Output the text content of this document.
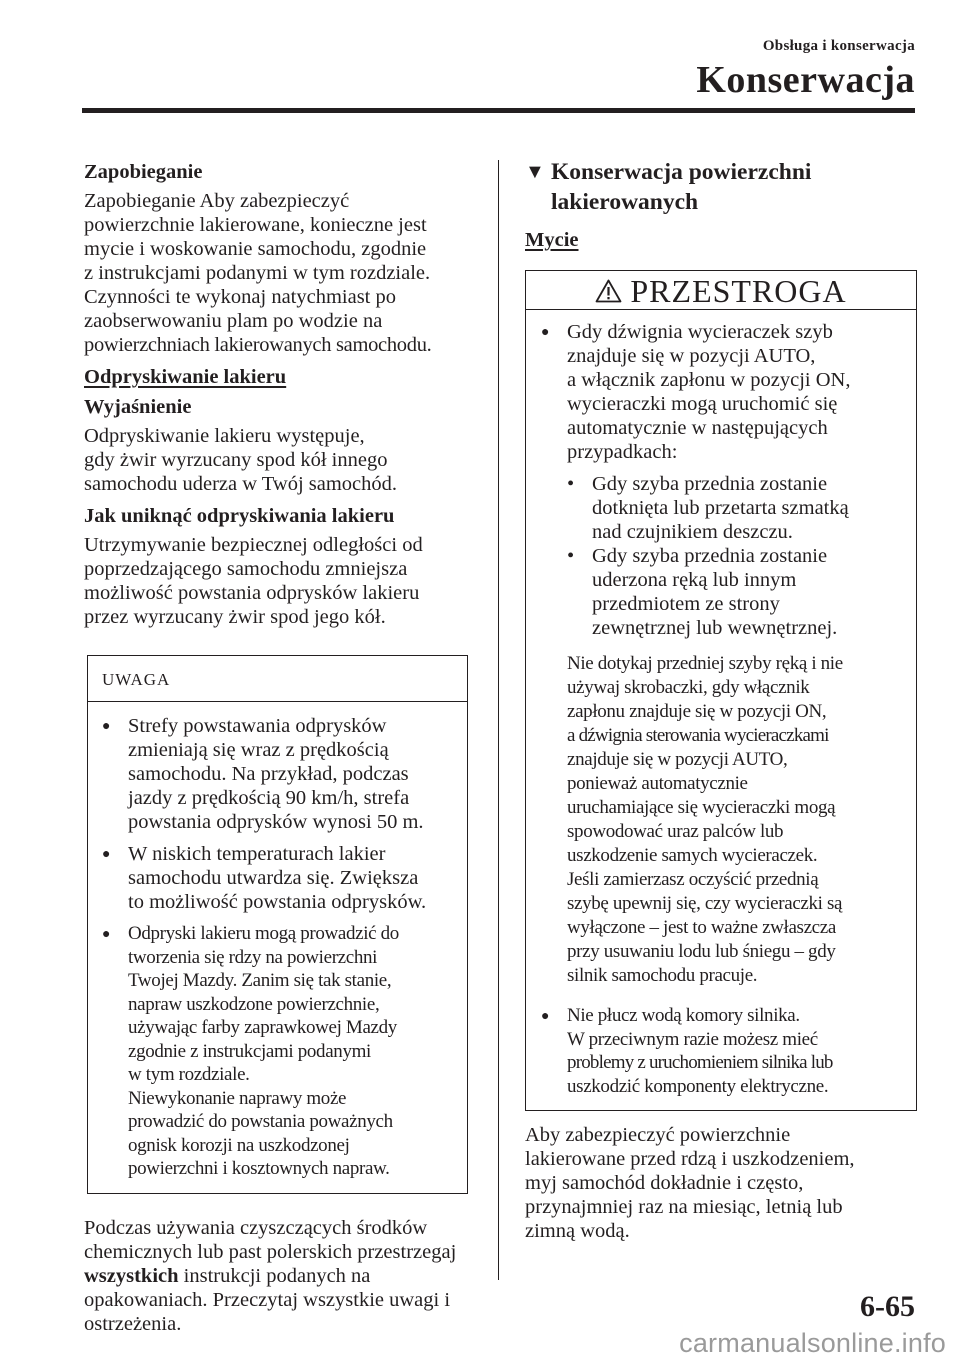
Obsługa i konserwacja
Konserwacja

Zapobieganie

Zapobieganie Aby zabezpieczyć
powierzchnie lakierowane, konieczne jest
mycie i woskowanie samochodu, zgodnie
z instrukcjami podanymi w tym rozdziale.
Czynności te wykonaj natychmiast po
zaobserwowaniu plam po wodzie na
powierzchniach lakierowanych samochodu.

Odpryskiwanie lakieru

Wyjaśnienie

Odpryskiwanie lakieru występuje,
gdy żwir wyrzucany spod kół innego
samochodu uderza w Twój samochód.

Jak uniknąć odpryskiwania lakieru

Utrzymywanie bezpiecznej odległości od
poprzedzającego samochodu zmniejsza
możliwość powstania odprysków lakieru
przez wyrzucany żwir spod jego kół.

UWAGA
● Strefy powstawania odprysków
zmieniają się wraz z prędkością
samochodu. Na przykład, podczas
jazdy z prędkością 90 km/h, strefa
powstania odprysków wynosi 50 m.
● W niskich temperaturach lakier
samochodu utwardza się. Zwiększa
to możliwość powstania odprysków.
● Odpryski lakieru mogą prowadzić do
tworzenia się rdzy na powierzchni
Twojej Mazdy. Zanim się tak stanie,
napraw uszkodzone powierzchnie,
używając farby zaprawkowej Mazdy
zgodnie z instrukcjami podanymi
w tym rozdziale.
Niewykonanie naprawy może
prowadzić do powstania poważnych
ognisk korozji na uszkodzonej
powierzchni i kosztownych napraw.

Podczas używania czyszczących środków chemicznych lub past polerskich przestrzegaj wszystkich instrukcji podanych na opakowaniach. Przeczytaj wszystkie uwagi i ostrzeżenia.

▼ Konserwacja powierzchni
lakierowanych

Mycie

PRZESTROGA
● Gdy dźwignia wycieraczek szyb
znajduje się w pozycji AUTO,
a włącznik zapłonu w pozycji ON,
wycieraczki mogą uruchomić się
automatycznie w następujących
przypadkach:
• Gdy szyba przednia zostanie
dotknięta lub przetarta szmatką
nad czujnikiem deszczu.
• Gdy szyba przednia zostanie
uderzona ręką lub innym
przedmiotem ze strony
zewnętrznej lub wewnętrznej.
Nie dotykaj przedniej szyby ręką i nie
używaj skrobaczki, gdy włącznik
zapłonu znajduje się w pozycji ON,
a dźwignia sterowania wycieraczkami
znajduje się w pozycji AUTO,
ponieważ automatycznie
uruchamiające się wycieraczki mogą
spowodować uraz palców lub
uszkodzenie samych wycieraczek.
Jeśli zamierzasz oczyścić przednią
szybę upewnij się, czy wycieraczki są
wyłączone – jest to ważne zwłaszcza
przy usuwaniu lodu lub śniegu – gdy
silnik samochodu pracuje.
● Nie płucz wodą komory silnika.
W przeciwnym razie możesz mieć
problemy z uruchomieniem silnika lub
uszkodzić komponenty elektryczne.

Aby zabezpieczyć powierzchnie
lakierowane przed rdzą i uszkodzeniem,
myj samochód dokładnie i często,
przynajmniej raz na miesiąc, letnią lub
zimną wodą.

6-65
carmanualsonline.info
